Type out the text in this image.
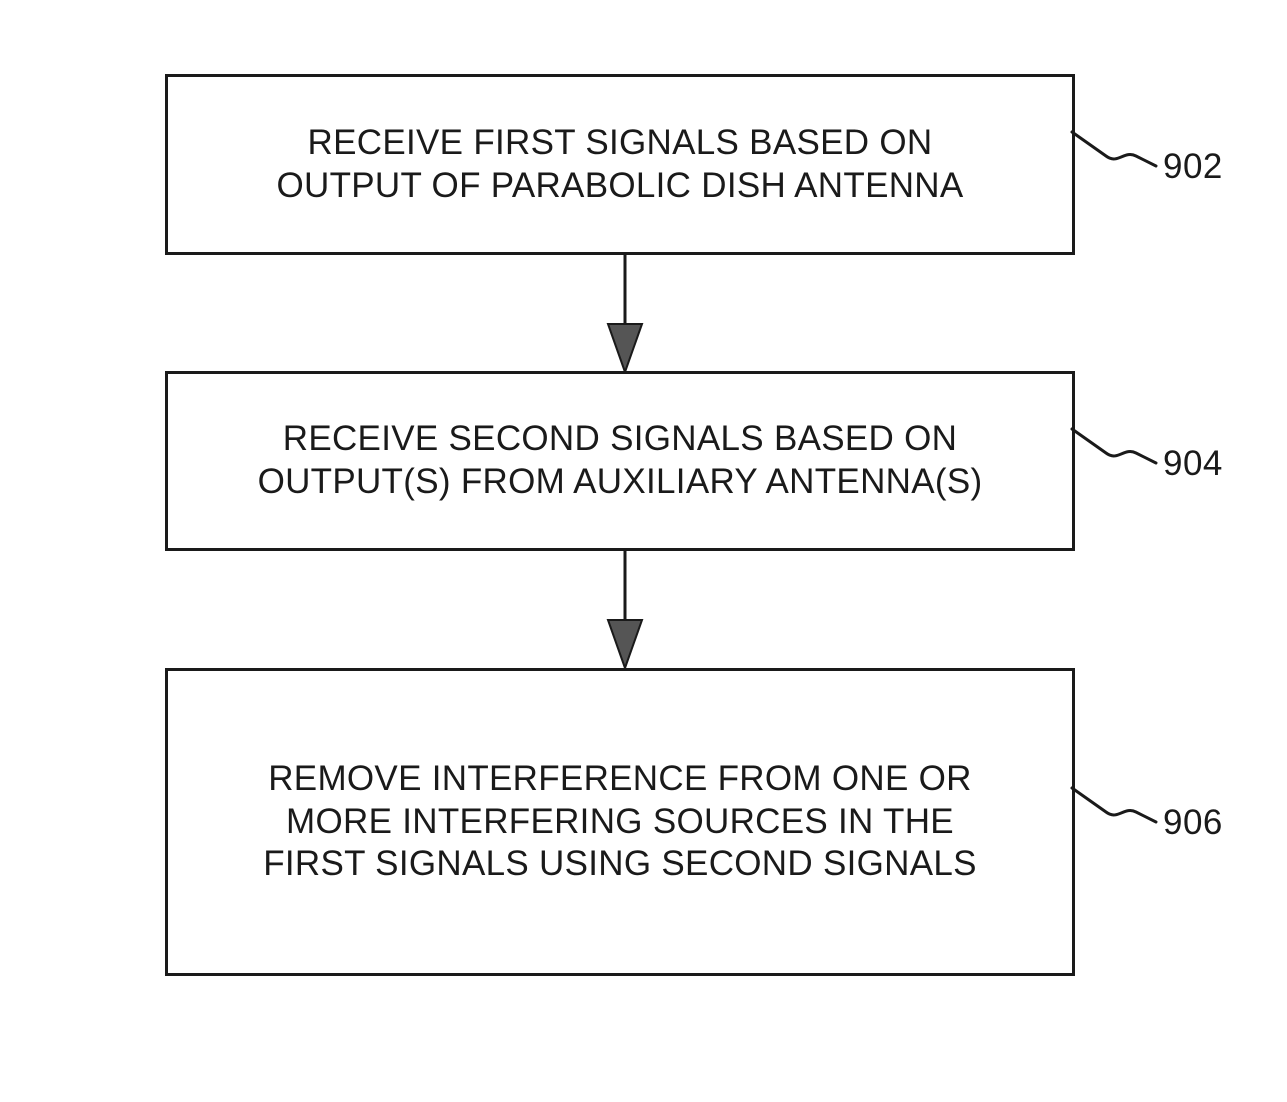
RECEIVE FIRST SIGNALS BASED ON
OUTPUT OF PARABOLIC DISH ANTENNA	902
RECEIVE SECOND SIGNALS BASED ON
OUTPUT(S) FROM AUXILIARY ANTENNA(S)	904
REMOVE INTERFERENCE FROM ONE OR
MORE INTERFERING SOURCES IN THE
FIRST SIGNALS USING SECOND SIGNALS
906
